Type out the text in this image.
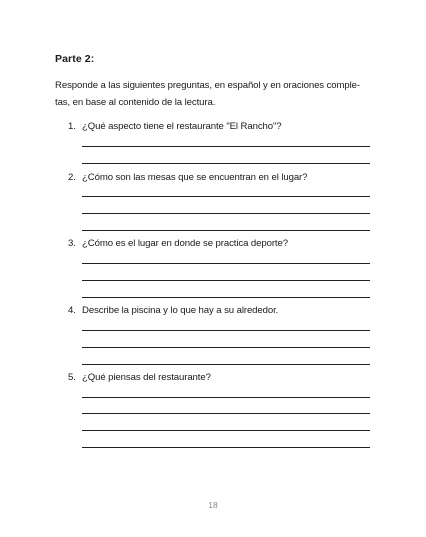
Parte 2:
Responde a las siguientes preguntas, en español y en oraciones comple-
tas, en base al contenido de la lectura.
1. ¿Qué aspecto tiene el restaurante "El Rancho"?
2. ¿Cómo son las mesas que se encuentran en el lugar?
3. ¿Cómo es el lugar en donde se practica deporte?
4. Describe la piscina y lo que hay a su alrededor.
5. ¿Qué piensas del restaurante?
18
